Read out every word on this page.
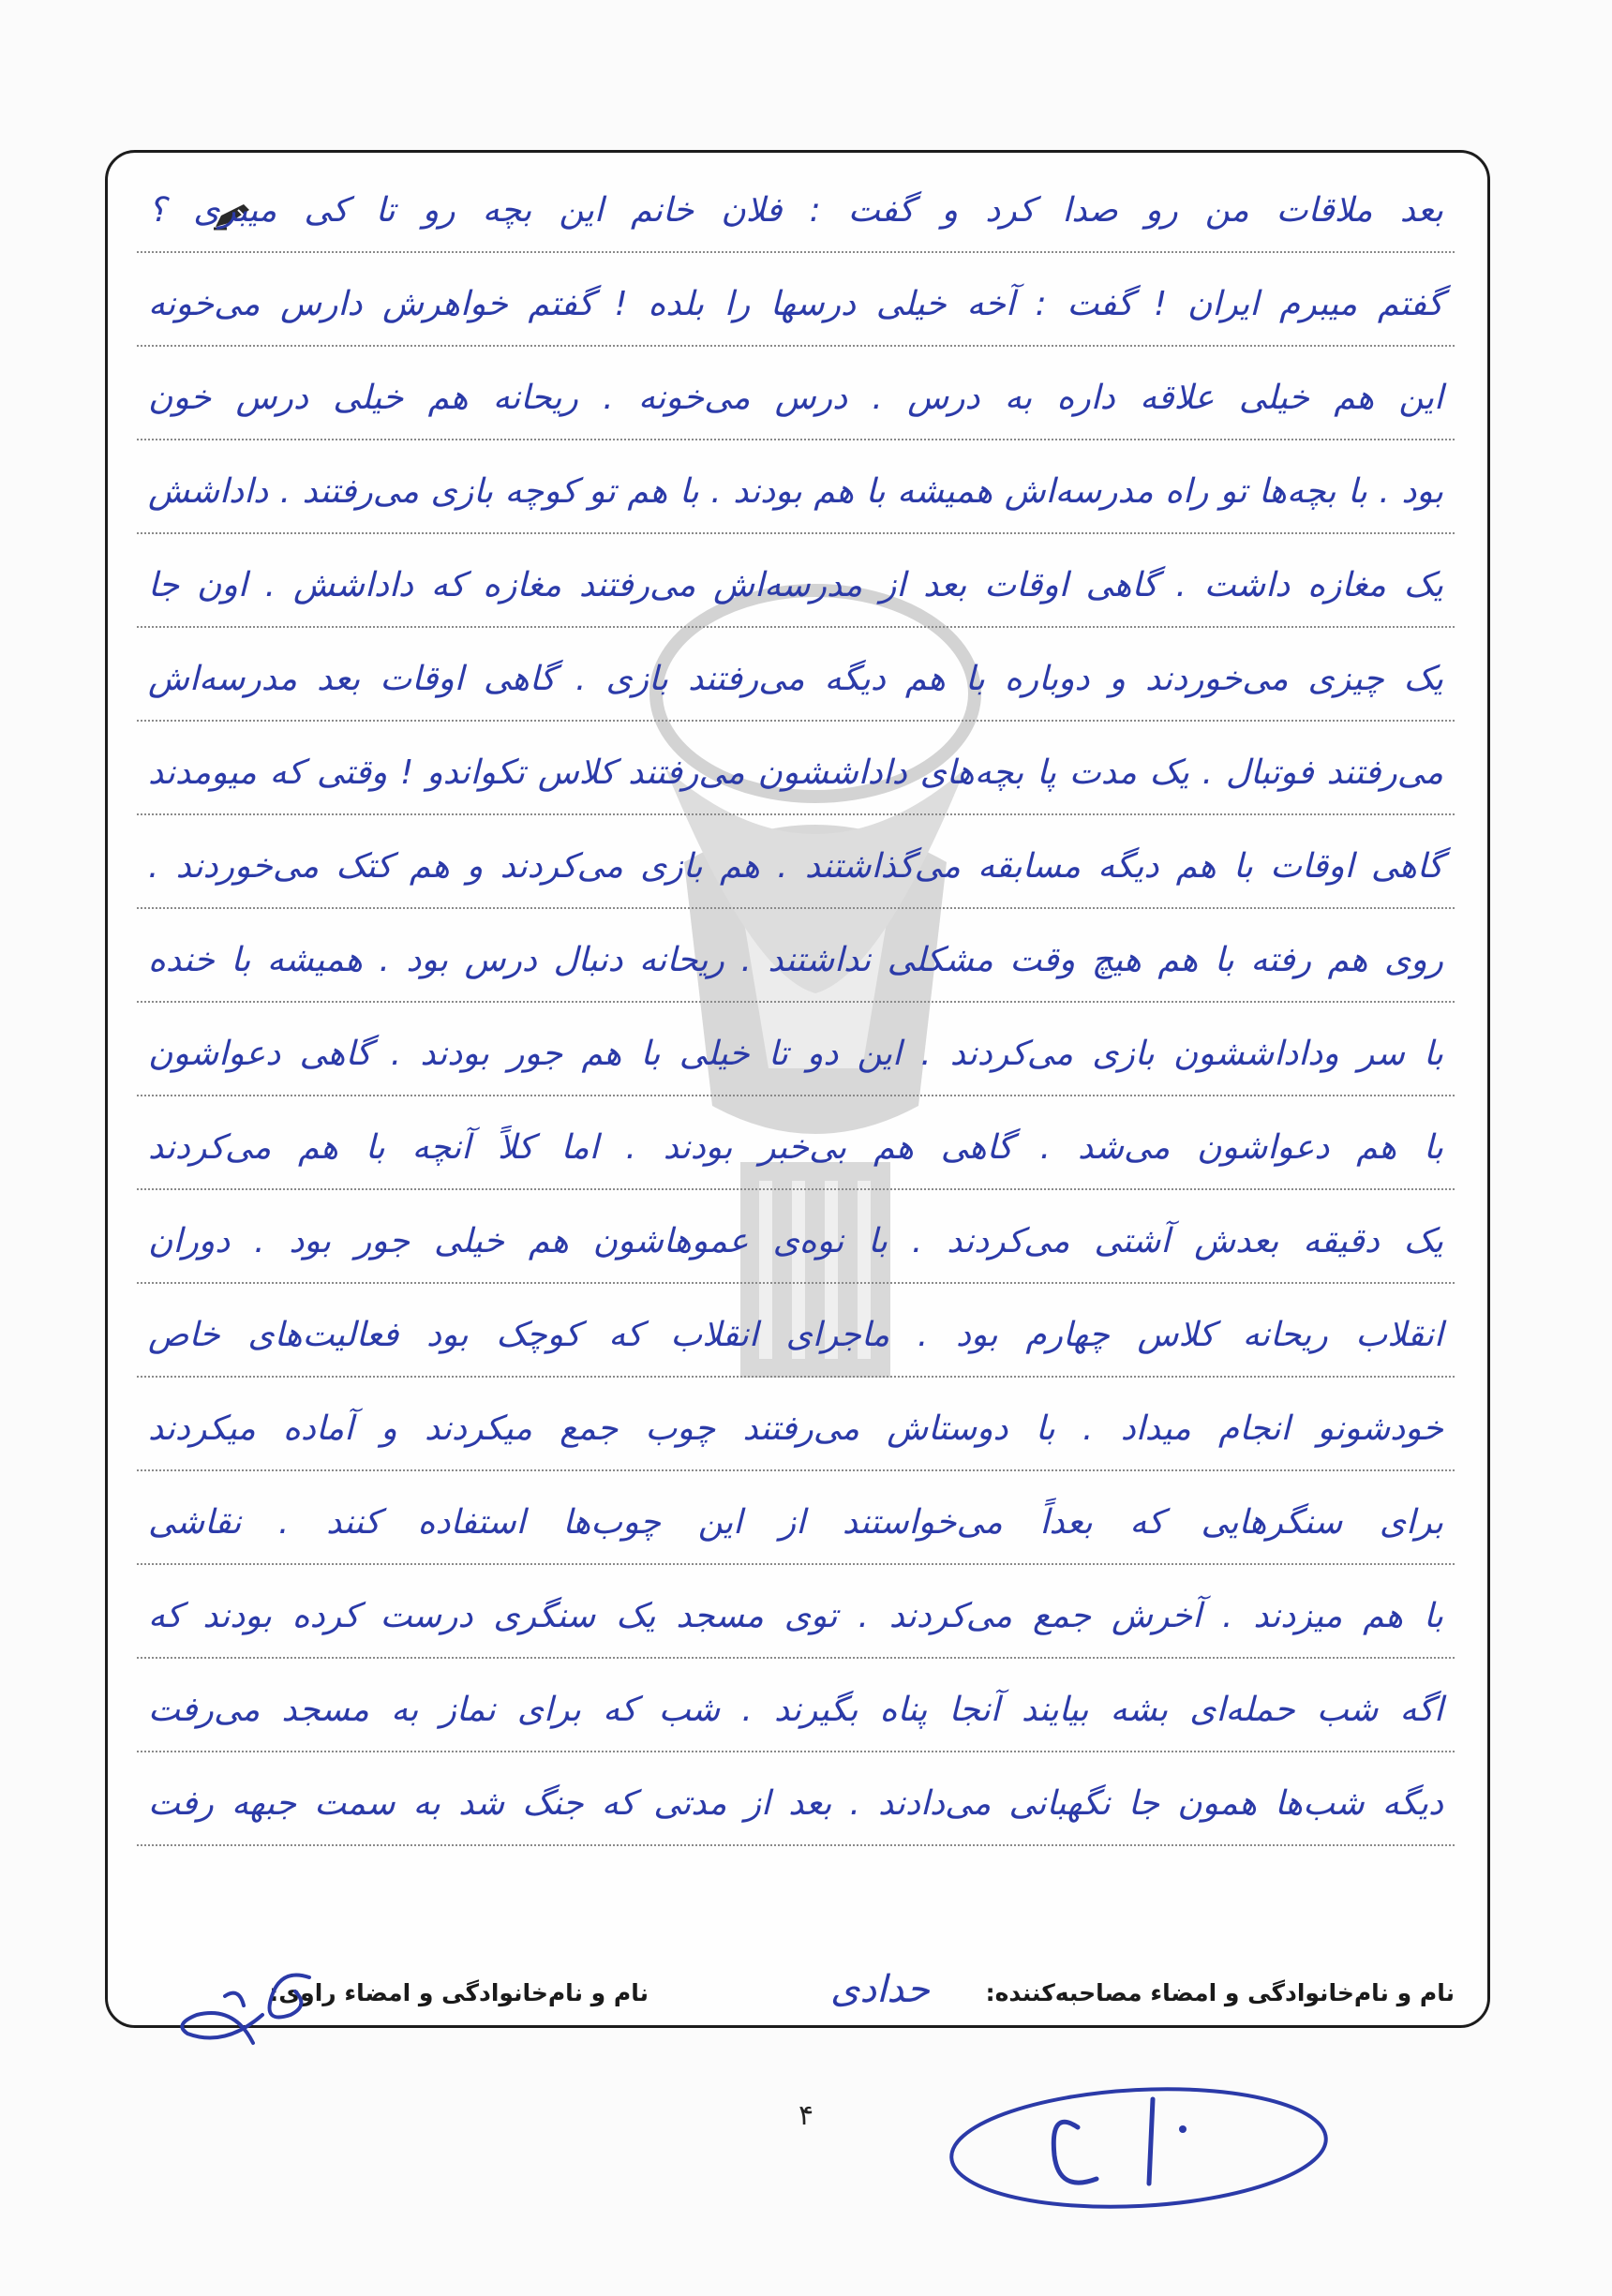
بعد ملاقات من رو صدا کرد و گفت : فلان خانم این بچه رو تا کی میبری ؟
گفتم میبرم ایران ! گفت : آخه خیلی درسها را بلده ! گفتم خواهرش دارس می‌خونه
این هم خیلی علاقه داره به درس . درس می‌خونه . ریحانه هم خیلی درس خون
بود . با بچه‌ها تو راه مدرسه‌اش همیشه با هم بودند . با هم تو کوچه بازی می‌رفتند . داداشش
یک مغازه داشت . گاهی اوقات بعد از مدرسه‌اش می‌رفتند مغازه که داداشش . اون جا
یک چیزی می‌خوردند و دوباره با هم دیگه می‌رفتند بازی . گاهی اوقات بعد مدرسه‌اش
می‌رفتند فوتبال . یک مدت پا بچه‌های داداششون می‌رفتند کلاس تکواندو ! وقتی که میومدند
گاهی اوقات با هم دیگه مسابقه می‌گذاشتند . هم بازی می‌کردند و هم کتک می‌خوردند .
روی هم رفته با هم هیچ وقت مشکلی نداشتند . ریحانه دنبال درس بود . همیشه با خنده
با سر وداداششون بازی می‌کردند . این دو تا خیلی با هم جور بودند . گاهی دعواشون
با هم دعواشون می‌شد . گاهی هم بی‌خبر بودند . اما کلاً آنچه با هم می‌کردند
یک دقیقه بعدش آشتی می‌کردند . با نوه‌ی عموهاشون هم خیلی جور بود . دوران
انقلاب ریحانه کلاس چهارم بود . ماجرای انقلاب که کوچک بود فعالیت‌های خاص
خودشونو انجام میداد . با دوستاش می‌رفتند چوب جمع میکردند و آماده میکردند
برای سنگرهایی که بعداً می‌خواستند از این چوب‌ها استفاده کنند . نقاشی
با هم میزدند . آخرش جمع می‌کردند . توی مسجد یک سنگری درست کرده بودند که
اگه شب حمله‌ای بشه بیایند آنجا پناه بگیرند . شب که برای نماز به مسجد می‌رفت
دیگه شب‌ها همون جا نگهبانی می‌دادند . بعد از مدتی که جنگ شد به سمت جبهه رفت
نام و نام‌خانوادگی و امضاء مصاحبه‌کننده:
حدادی
نام و نام‌خانوادگی و امضاء راوی:
۴
